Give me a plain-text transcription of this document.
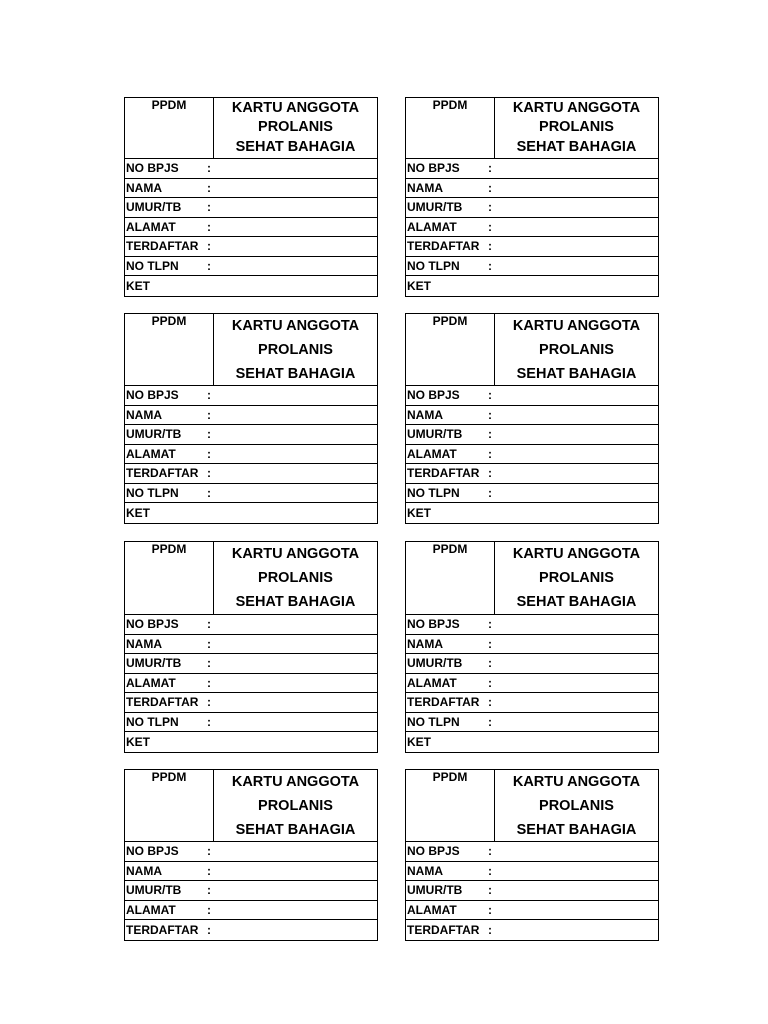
PPDM	KARTU ANGGOTA
PROLANIS
SEHAT BAHAGIA
NO BPJS	:
NAMA	:
UMUR/TB	:
ALAMAT	:
TERDAFTAR :
NO TLPN	:
KET
PPDM	KARTU ANGGOTA
PROLANIS
SEHAT BAHAGIA
NO BPJS	:
NAMA	:
UMUR/TB	:
ALAMAT	:
TERDAFTAR :
NO TLPN	:
KET
PPDM	KARTU ANGGOTA
PROLANIS
SEHAT BAHAGIA
NO BPJS	:
NAMA	:
UMUR/TB	:
ALAMAT	:
TERDAFTAR :
NO TLPN	:
KET
PPDM	KARTU ANGGOTA
PROLANIS
SEHAT BAHAGIA
NO BPJS	:
NAMA	:
UMUR/TB	:
ALAMAT	:
TERDAFTAR :
NO TLPN	:
KET
PPDM	KARTU ANGGOTA
PROLANIS
SEHAT BAHAGIA
NO BPJS	:
NAMA	:
UMUR/TB	:
ALAMAT	:
TERDAFTAR :
NO TLPN	:
KET
PPDM	KARTU ANGGOTA
PROLANIS
SEHAT BAHAGIA
NO BPJS	:
NAMA	:
UMUR/TB	:
ALAMAT	:
TERDAFTAR :
NO TLPN	:
KET
PPDM	KARTU ANGGOTA
PROLANIS
SEHAT BAHAGIA
NO BPJS	:
NAMA	:
UMUR/TB	:
ALAMAT	:
TERDAFTAR :
PPDM	KARTU ANGGOTA
PROLANIS
SEHAT BAHAGIA
NO BPJS	:
NAMA	:
UMUR/TB	:
ALAMAT	:
TERDAFTAR :
